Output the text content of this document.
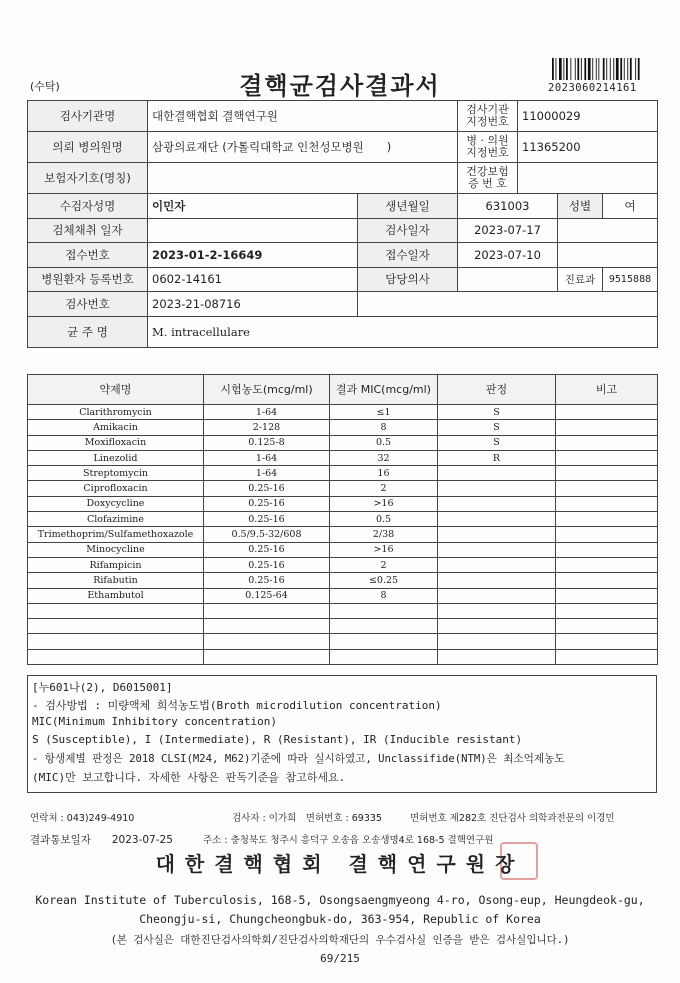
(수탁)	결핵균검사결과서	2023060214161
검사기관명	대한결핵협회 결핵연구원		검사기관 지정번호	11000029		
의뢰 병의원명	삼광의료재단 (가톨릭대학교 인천성모병원　　)		병 · 의원 지정번호	11365200		
보험자기호(명칭)			건강보험 증 번 호			
수검자성명	이민자	생년월일	631003		성별	여
검체채취 일자		검사일자	2023-07-17			
접수번호	2023-01-2-16649	접수일자	2023-07-10			
병원환자 등록번호	0602-14161	담당의사			진료과	9515888
검사번호	2023-21-08716					
균 주 명	M. intracellulare					
약제명	시험농도(mcg/ml)	결과 MIC(mcg/ml)	판정	비고
Clarithromycin	1-64	≤1	S	
Amikacin	2-128	8	S	
Moxifloxacin	0.125-8	0.5	S	
Linezolid	1-64	32	R	
Streptomycin	1-64	16		
Ciprofloxacin	0.25-16	2		
Doxycycline	0.25-16	>16		
Clofazimine	0.25-16	0.5		
Trimethoprim/Sulfamethoxazole	0.5/9.5-32/608	2/38		
Minocycline	0.25-16	>16		
Rifampicin	0.25-16	2		
Rifabutin	0.25-16	≤0.25		
Ethambutol	0.125-64	8		

[누601나(2), D6015001]
- 검사방법 : 미량액체 희석농도법(Broth microdilution concentration)
MIC(Minimum Inhibitory concentration)
S (Susceptible), I (Intermediate), R (Resistant), IR (Inducible resistant)
- 항생제별 판정은 2018 CLSI(M24, M62)기준에 따라 실시하였고, Unclassifide(NTM)은 최소억제농도
(MIC)만 보고합니다. 자세한 사항은 판독기준을 참고하세요.
연락처 : 043)249-4910	검사자 : 이가희　면허번호 : 69335	면허번호 제282호 진단검사 의학과전문의 이경민
결과통보일자　　2023-07-25	주소 : 충청북도 청주시 흥덕구 오송읍 오송생명4로 168-5 결핵연구원
대한결핵협회 결핵연구원장
Korean Institute of Tuberculosis, 168-5, Osongsaengmyeong 4-ro, Osong-eup, Heungdeok-gu,
Cheongju-si, Chungcheongbuk-do, 363-954, Republic of Korea
(본 검사실은 대한진단검사의학회/진단검사의학재단의 우수검사실 인증을 받은 검사실입니다.)
69/215
